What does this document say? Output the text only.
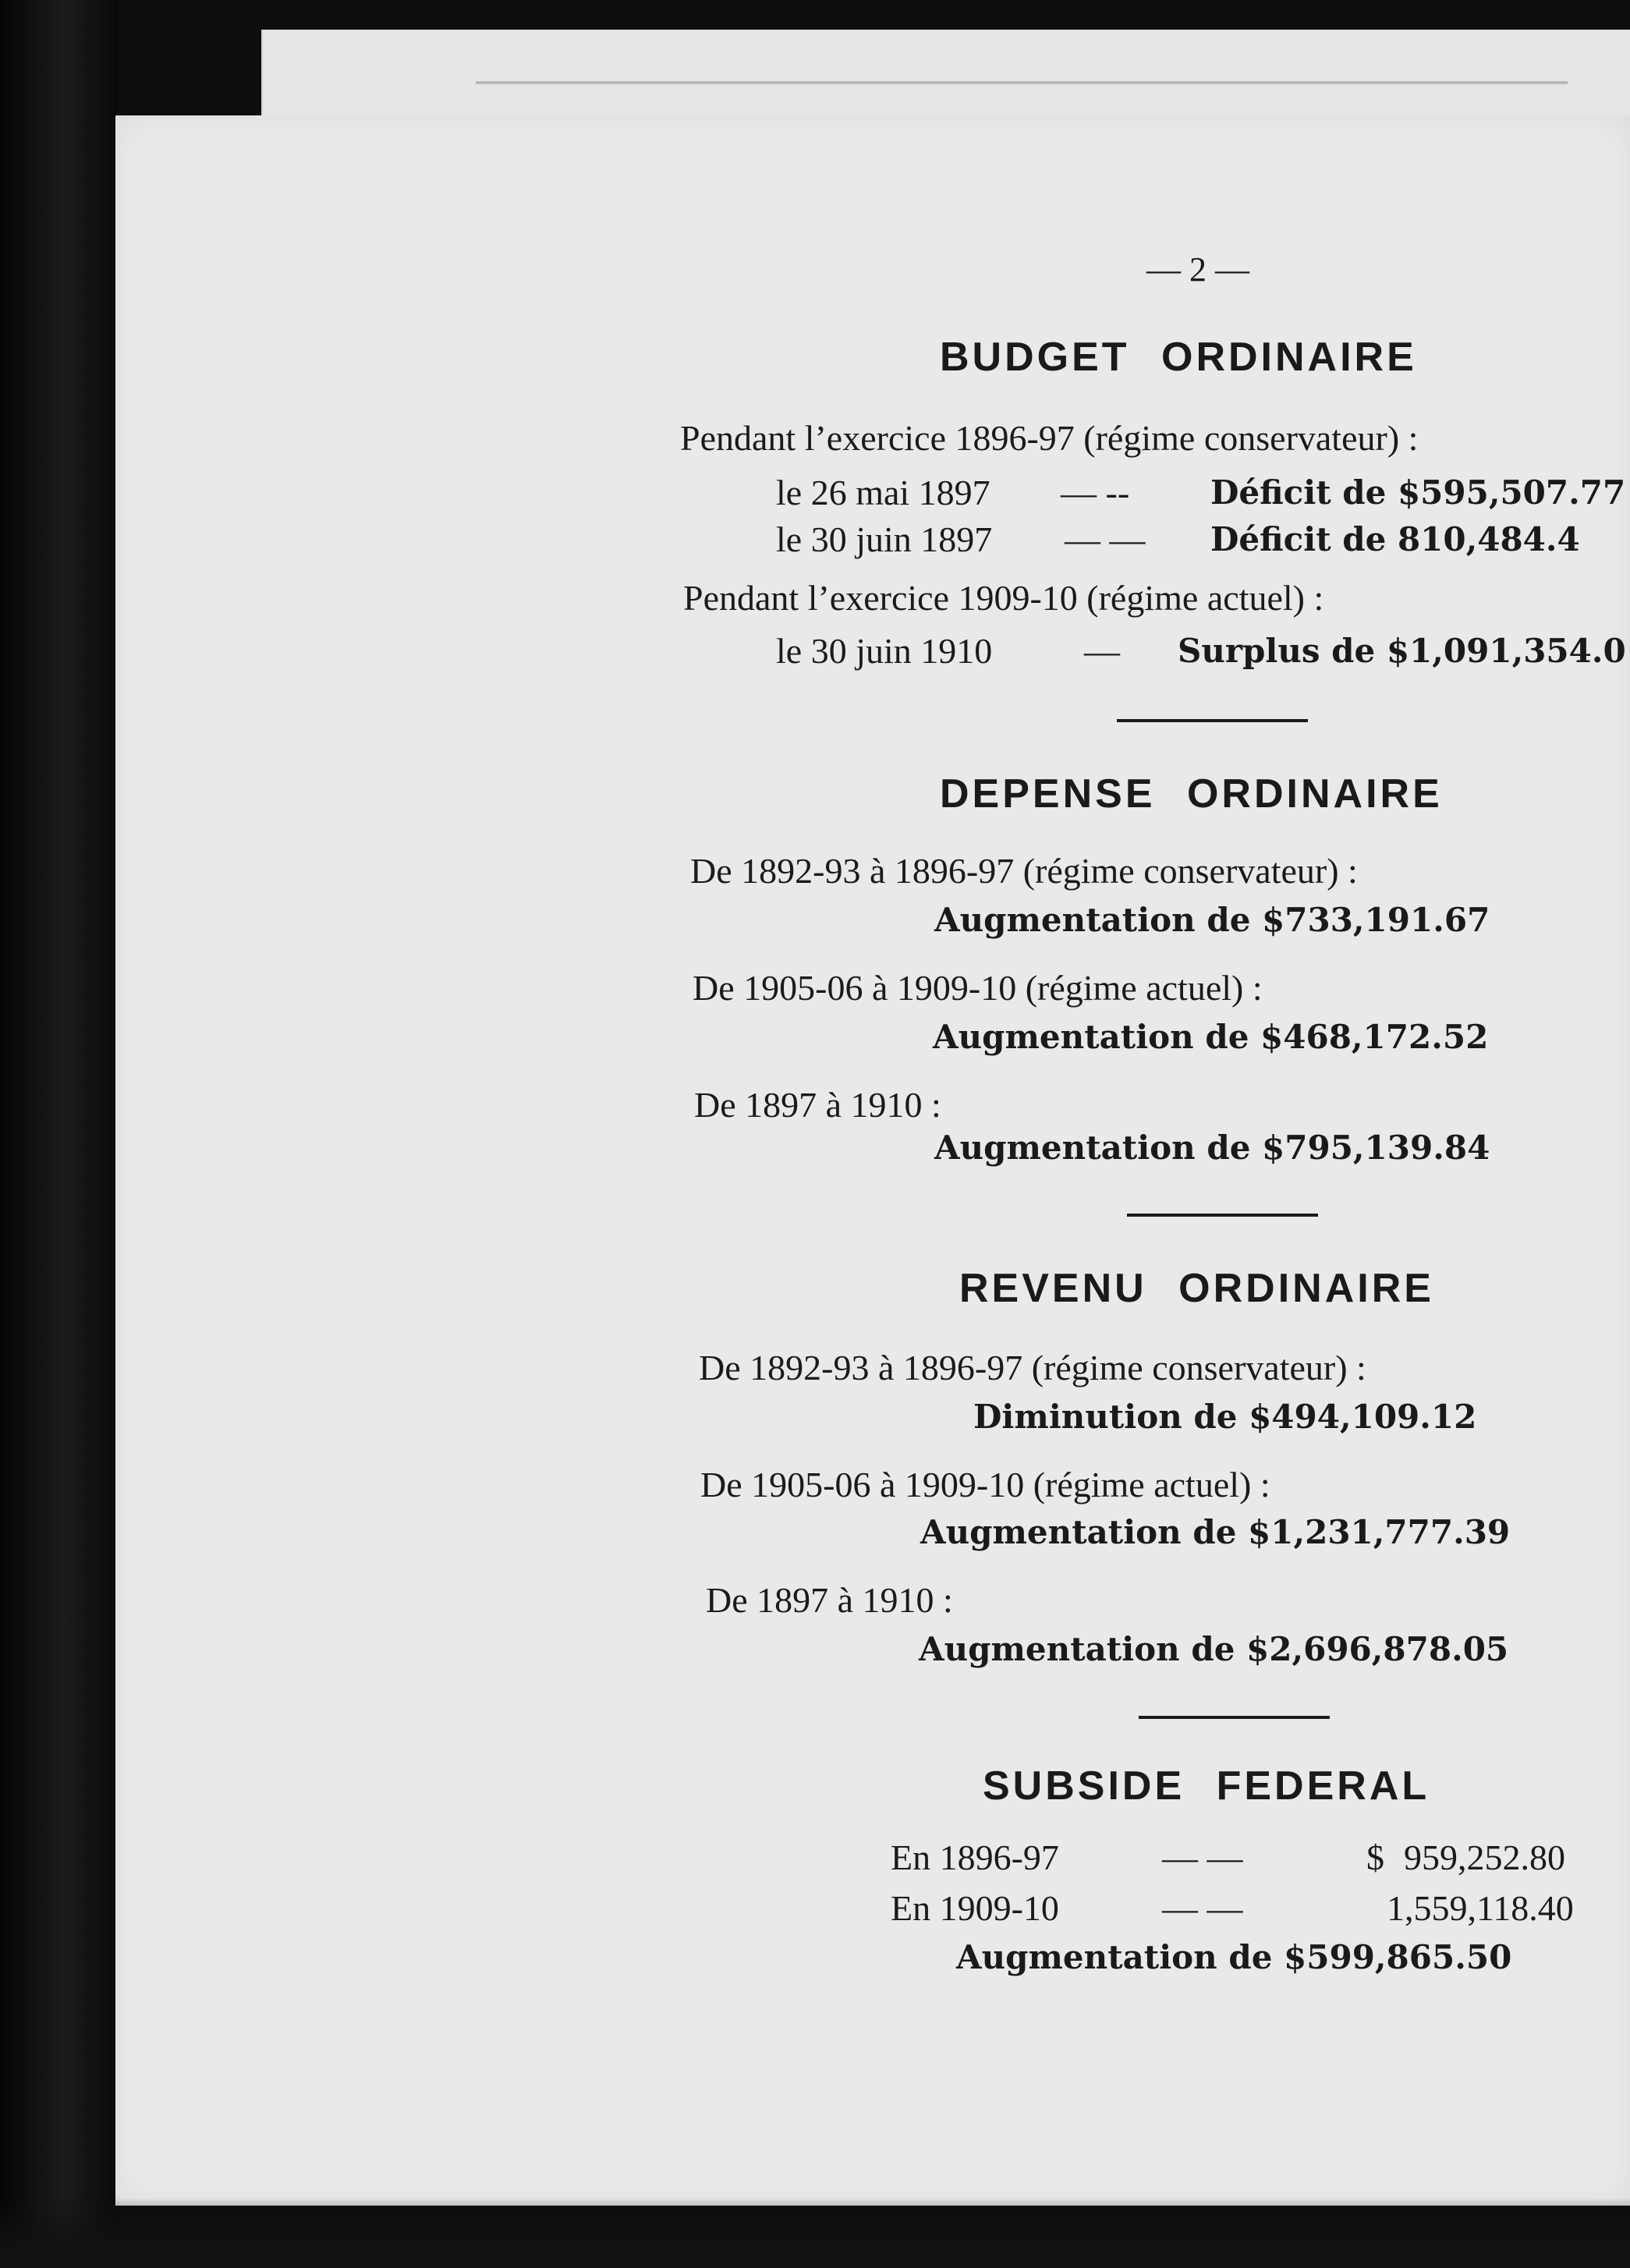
— 2 —
BUDGET ORDINAIRE
Pendant l’exercice 1896-97 (régime conservateur) :
le 26 mai 1897 — -- Déficit de $595,507.77
le 30 juin 1897 — — Déficit de 810,484.4
Pendant l’exercice 1909-10 (régime actuel) :
le 30 juin 1910	— Surplus de $1,091,354.0
DEPENSE ORDINAIRE
De 1892-93 à 1896-97 (régime conservateur) :
Augmentation de $733,191.67
De 1905-06 à 1909-10 (régime actuel) :
Augmentation de $468,172.52
De 1897 à 1910 :
Augmentation de $795,139.84
REVENU ORDINAIRE
De 1892-93 à 1896-97 (régime conservateur) :
Diminution de $494,109.12
De 1905-06 à 1909-10 (régime actuel) :
Augmentation de $1,231,777.39
De 1897 à 1910 :
Augmentation de $2,696,878.05
SUBSIDE FEDERAL
En 1896-97	— —	$ 959,252.80
En 1909-10	— —	1,559,118.40
Augmentation de $599,865.50
